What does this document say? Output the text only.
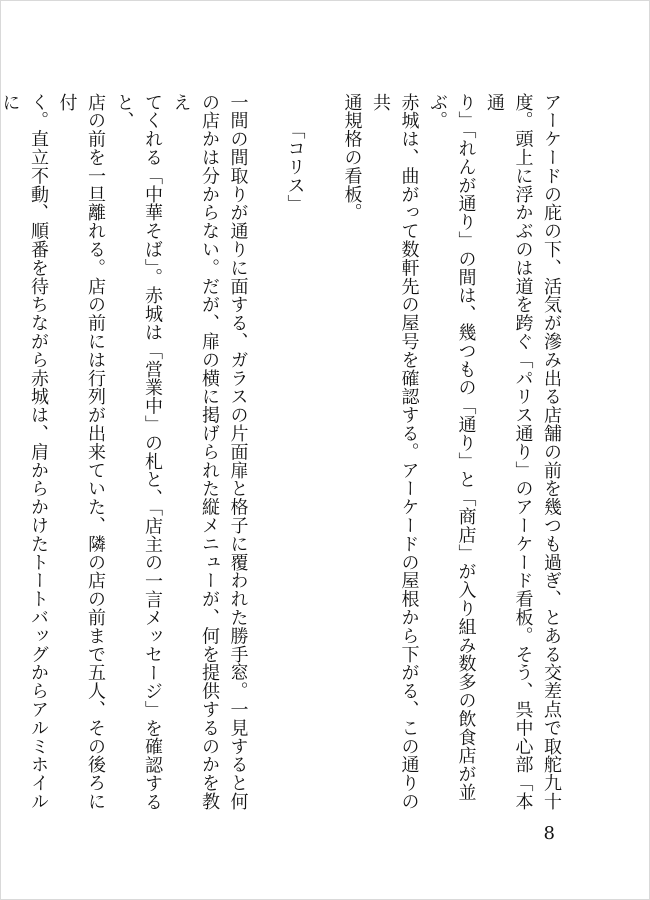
アーケードの庇の下、活気が滲み出る店舗の前を幾つも過ぎ、とある交差点で取舵九十
度。頭上に浮かぶのは道を跨ぐ「パリス通り」のアーケード看板。そう、呉中心部「本通
り」「れんが通り」の間は、幾つもの「通り」と「商店」が入り組み数多の飲食店が並ぶ。
赤城は、曲がって数軒先の屋号を確認する。アーケードの屋根から下がる、この通りの共
通規格の看板。

「コリス」

一間の間取りが通りに面する、ガラスの片面扉と格子に覆われた勝手窓。一見すると何
の店かは分からない。だが、扉の横に掲げられた縦メニューが、何を提供するのかを教え
てくれる「中華そば」。赤城は「営業中」の札と、「店主の一言メッセージ」を確認すると、
店の前を一旦離れる。店の前には行列が出来ていた、隣の店の前まで五人、その後ろに付
く。直立不動、順番を待ちながら赤城は、肩からかけたトートバッグからアルミホイルに

8
